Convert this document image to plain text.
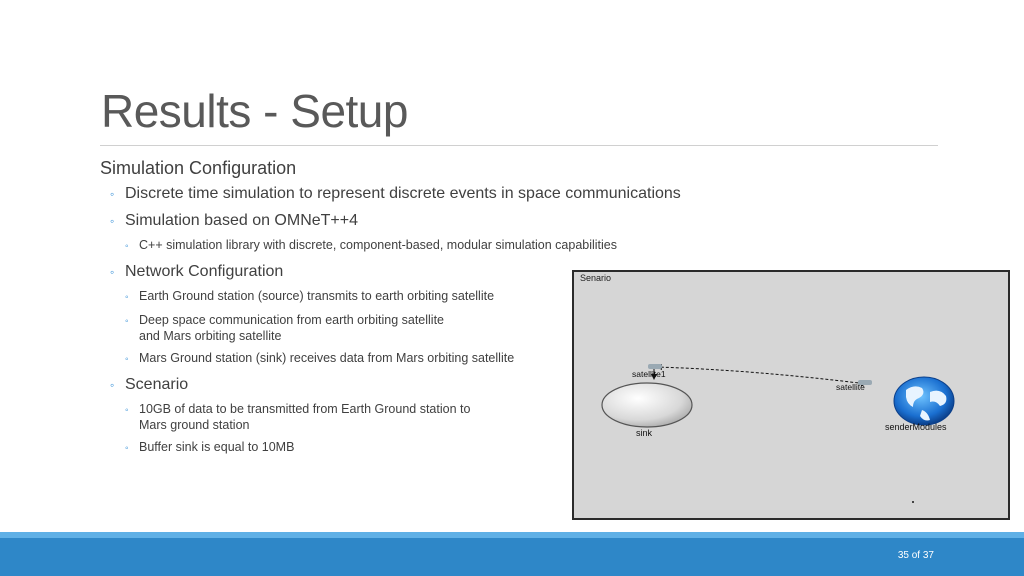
Results - Setup
Simulation Configuration
◦ Discrete time simulation to represent discrete events in space communications
◦ Simulation based on OMNeT++4
◦ C++ simulation library with discrete, component-based, modular simulation capabilities
◦ Network Configuration
◦ Earth Ground station (source) transmits to earth orbiting satellite
◦ Deep space communication from earth orbiting satellite
and Mars orbiting satellite
◦ Mars Ground station (sink) receives data from Mars orbiting satellite
◦ Scenario
◦ 10GB of data to be transmitted from Earth Ground station to
Mars ground station
◦ Buffer sink is equal to 10MB
Senario
satellite1
satellite
sink
senderModules
35 of 37
